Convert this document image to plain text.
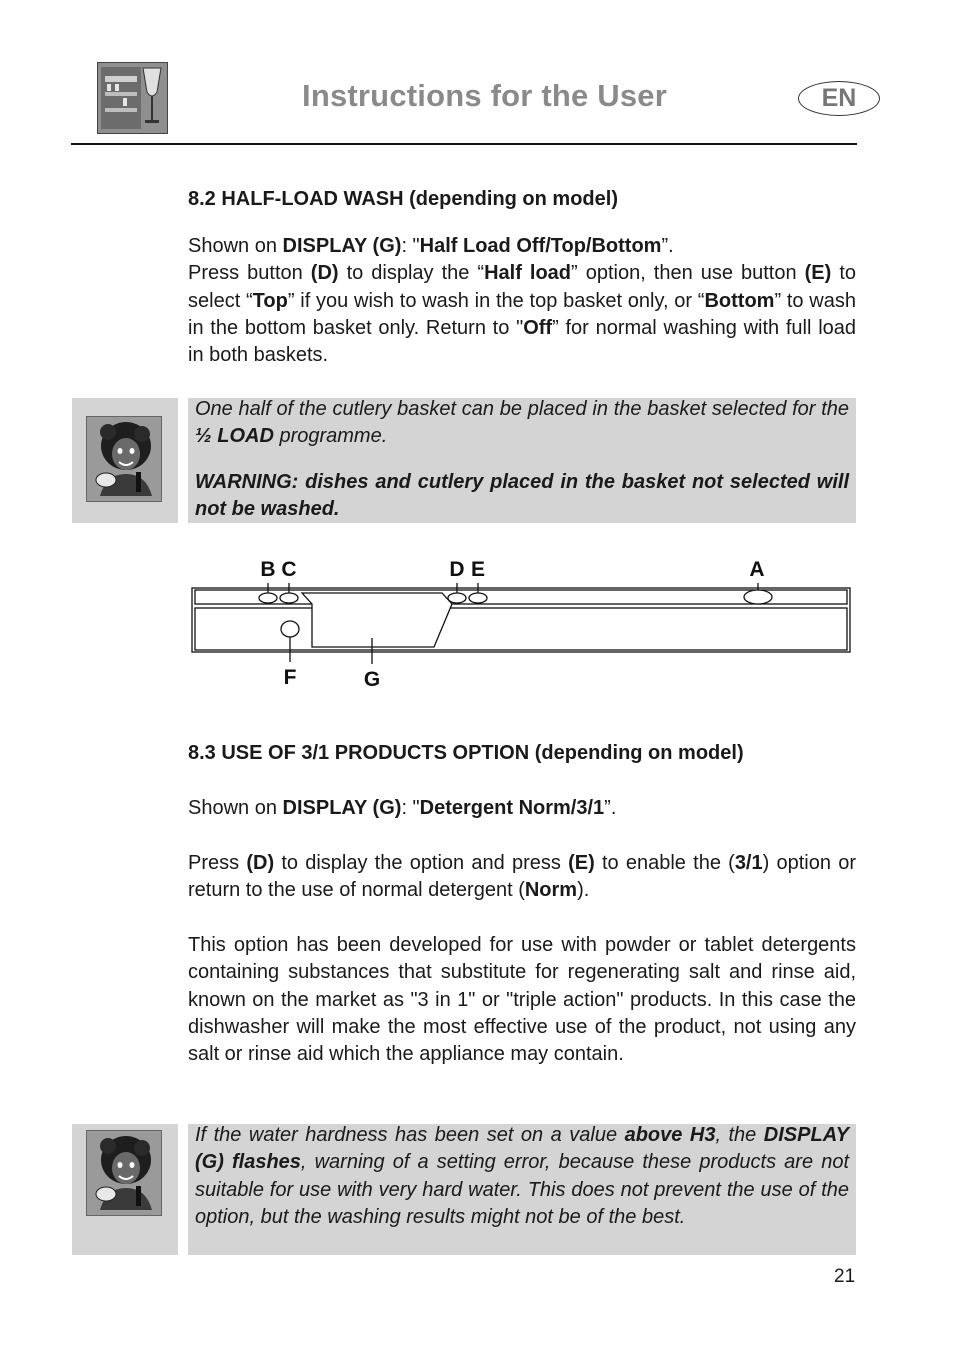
Instructions for the User	EN
8.2 HALF-LOAD WASH (depending on model)

Shown on DISPLAY (G): "Half Load Off/Top/Bottom”.

Press button (D) to display the “Half load” option, then use button (E) to select “Top” if you wish to wash in the top basket only, or “Bottom” to wash in the bottom basket only. Return to "Off” for normal washing with full load in both baskets.

One half of the cutlery basket can be placed in the basket selected for the ½ LOAD programme.

WARNING: dishes and cutlery placed in the basket not selected will not be washed.

B C	D E	A
F	G
8.3 USE OF 3/1 PRODUCTS OPTION (depending on model)

Shown on DISPLAY (G): "Detergent Norm/3/1”.

Press (D) to display the option and press (E) to enable the (3/1) option or return to the use of normal detergent (Norm).

This option has been developed for use with powder or tablet detergents containing substances that substitute for regenerating salt and rinse aid, known on the market as "3 in 1" or "triple action" products. In this case the dishwasher will make the most effective use of the product, not using any salt or rinse aid which the appliance may contain.

If the water hardness has been set on a value above H3, the DISPLAY (G) flashes, warning of a setting error, because these products are not suitable for use with very hard water. This does not prevent the use of the option, but the washing results might not be of the best.

21
